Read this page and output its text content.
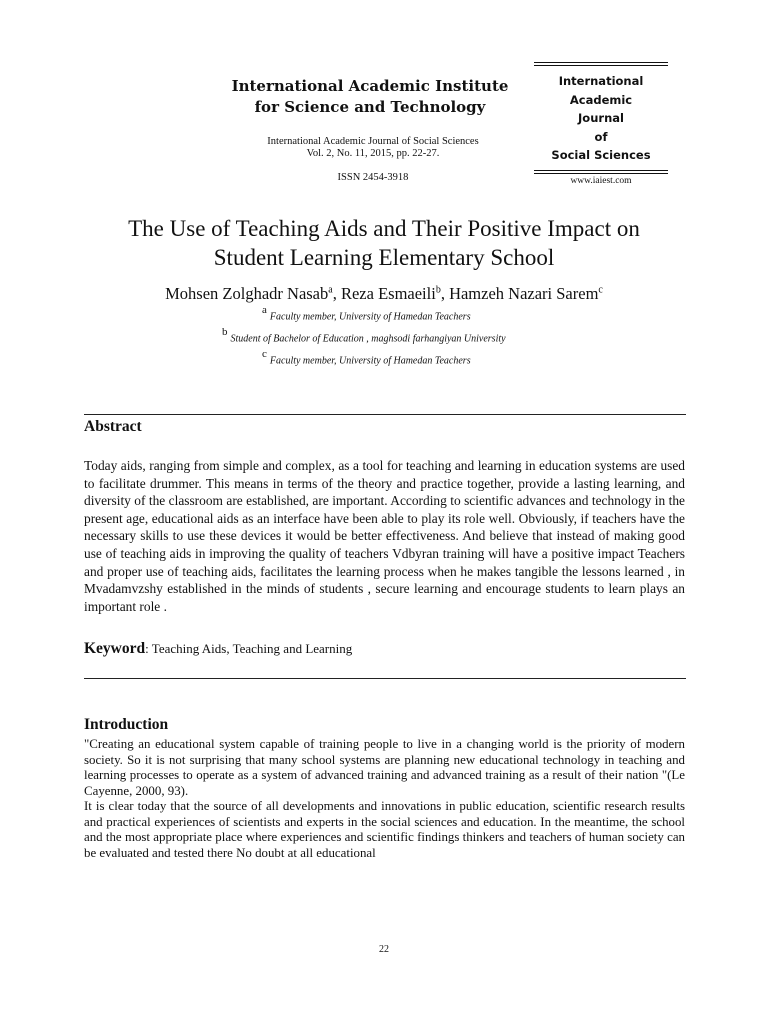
International Academic Institute
for Science and Technology
International Academic Journal of Social Sciences
Vol. 2, No. 11, 2015, pp. 22-27.
ISSN 2454-3918
International
Academic
Journal
of
Social Sciences
www.iaiest.com
The Use of Teaching Aids and Their Positive Impact on
Student Learning Elementary School
Mohsen Zolghadr Nasab$^a$, Reza Esmaeili$^b$, Hamzeh Nazari Sarem$^c$
$^a$Faculty member, University of Hamedan Teachers
$^b$Student of Bachelor of Education , maghsodi farhangiyan University
$^c$Faculty member, University of Hamedan Teachers
Abstract
Today aids, ranging from simple and complex, as a tool for teaching and learning in education systems are used to facilitate drummer. This means in terms of the theory and practice together, provide a lasting learning, and diversity of the classroom are established, are important. According to scientific advances and technology in the present age, educational aids as an interface have been able to play its role well. Obviously, if teachers have the necessary skills to use these devices it would be better effectiveness. And believe that instead of making good use of teaching aids in improving the quality of teachers Vdbyran training will have a positive impact Teachers and proper use of teaching aids, facilitates the learning process when he makes tangible the lessons learned , in Mvadamvzshy established in the minds of students , secure learning and encourage students to learn plays an important role .
Keyword: Teaching Aids, Teaching and Learning
Introduction
"Creating an educational system capable of training people to live in a changing world is the priority of modern society. So it is not surprising that many school systems are planning new educational technology in teaching and learning processes to operate as a system of advanced training and advanced training as a result of their nation "(Le Cayenne, 2000, 93).
It is clear today that the source of all developments and innovations in public education, scientific research results and practical experiences of scientists and experts in the social sciences and education. In the meantime, the school and the most appropriate place where experiences and scientific findings thinkers and teachers of human society can be evaluated and tested there No doubt at all educational
22
